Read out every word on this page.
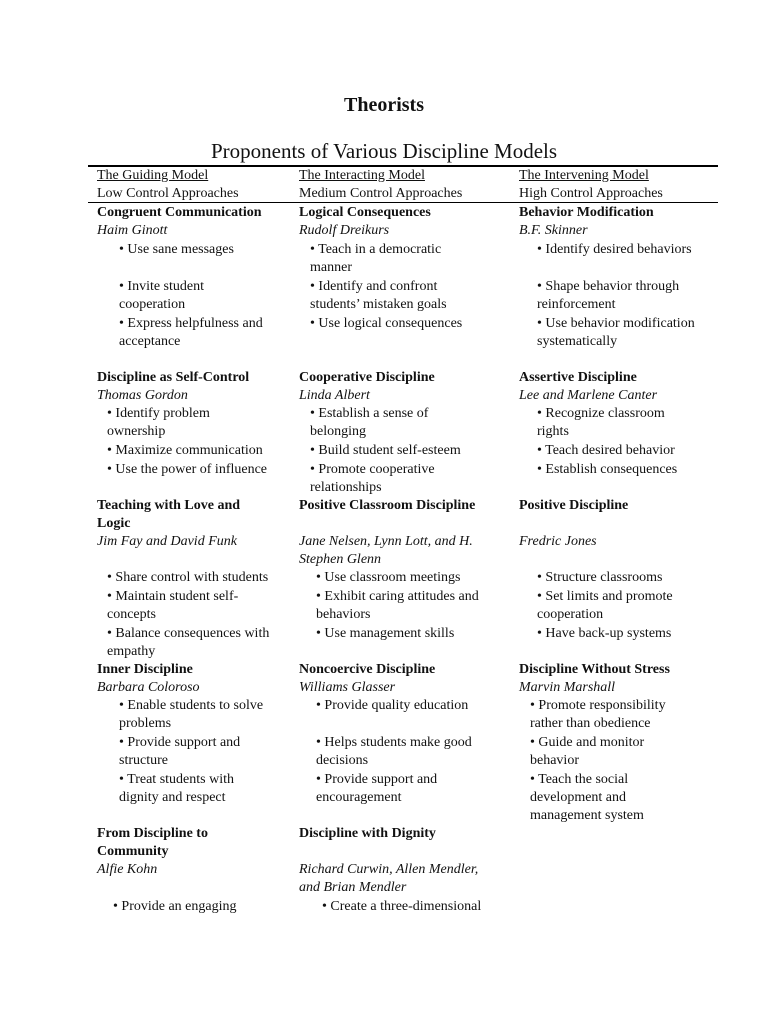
Theorists
Proponents of Various Discipline Models
The Guiding Model
Low Control Approaches
The Interacting Model
Medium Control Approaches
The Intervening Model
High Control Approaches
Congruent Communication
Haim Ginott
• Use sane messages
• Invite student
cooperation
• Express helpfulness and
acceptance
Logical Consequences
Rudolf Dreikurs
• Teach in a democratic
manner
• Identify and confront
students’ mistaken goals
• Use logical consequences
Behavior Modification
B.F. Skinner
• Identify desired behaviors
• Shape behavior through
reinforcement
• Use behavior modification
systematically
Discipline as Self-Control
Thomas Gordon
• Identify problem
ownership
• Maximize communication
• Use the power of influence
Cooperative Discipline
Linda Albert
• Establish a sense of
belonging
• Build student self-esteem
• Promote cooperative
relationships
Assertive Discipline
Lee and Marlene Canter
• Recognize classroom
rights
• Teach desired behavior
• Establish consequences
Teaching with Love and
Logic
Jim Fay and David Funk
• Share control with students
• Maintain student self-
concepts
• Balance consequences with
empathy
Positive Classroom Discipline
Jane Nelsen, Lynn Lott, and H.
Stephen Glenn
• Use classroom meetings
• Exhibit caring attitudes and
behaviors
• Use management skills
Positive Discipline
Fredric Jones
• Structure classrooms
• Set limits and promote
cooperation
• Have back-up systems
Inner Discipline
Barbara Coloroso
• Enable students to solve
problems
• Provide support and
structure
• Treat students with
dignity and respect
Noncoercive Discipline
Williams Glasser
• Provide quality education
• Helps students make good
decisions
• Provide support and
encouragement
Discipline Without Stress
Marvin Marshall
• Promote responsibility
rather than obedience
• Guide and monitor
behavior
• Teach the social
development and
management system
From Discipline to
Community
Alfie Kohn
• Provide an engaging
Discipline with Dignity
Richard Curwin, Allen Mendler,
and Brian Mendler
• Create a three-dimensional
